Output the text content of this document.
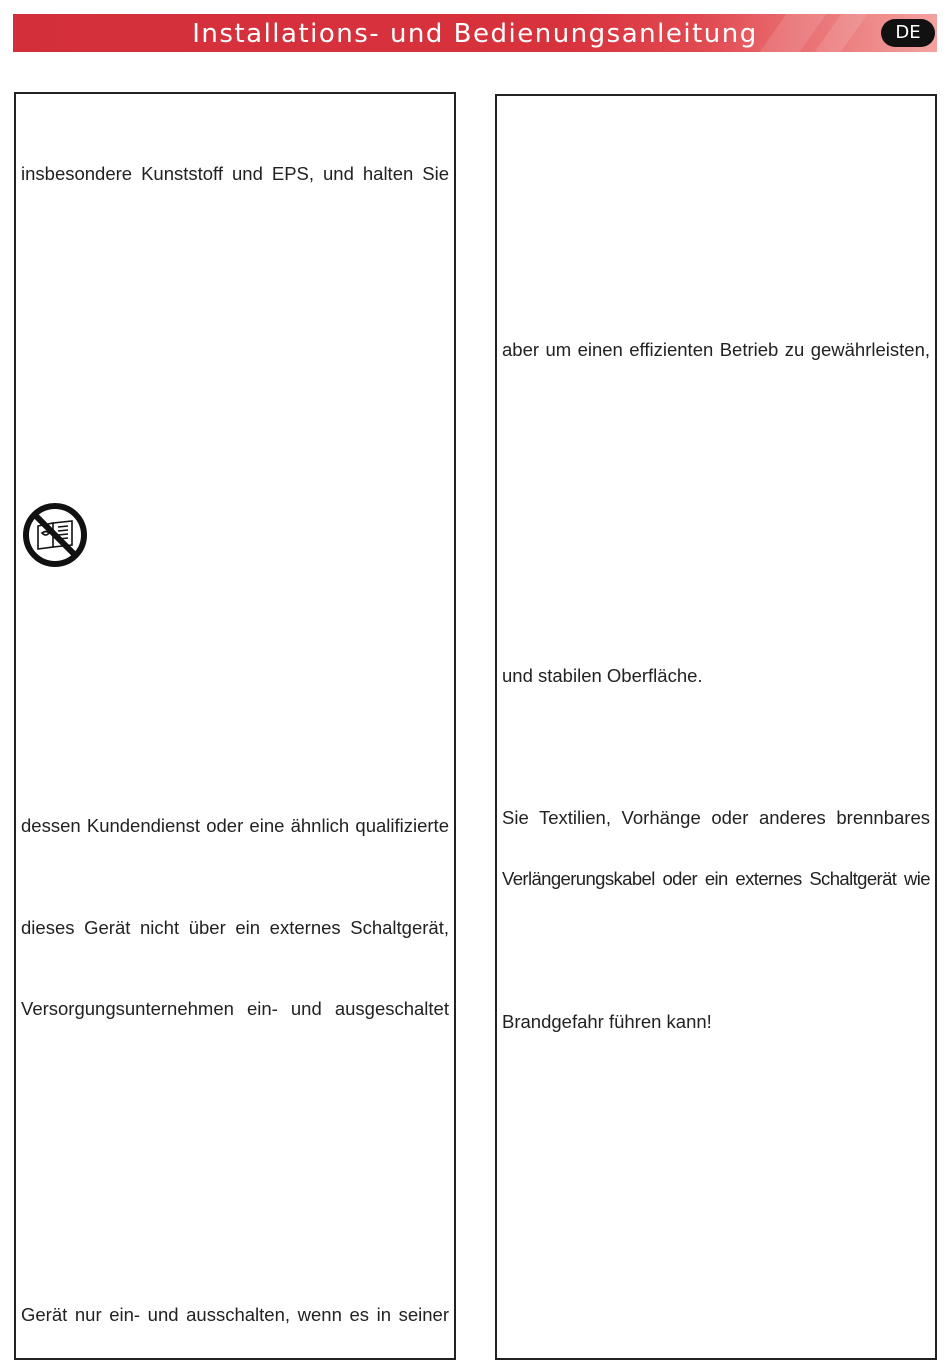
Installations- und Bedienungsanleitung	DE
insbesondere Kunststoff und EPS, und halten Sie
dessen Kundendienst oder eine ähnlich qualifizierte
dieses Gerät nicht über ein externes Schaltgerät,
Versorgungsunternehmen ein- und ausgeschaltet
Gerät nur ein- und ausschalten, wenn es in seiner
aber um einen effizienten Betrieb zu gewährleisten,
und stabilen Oberfläche.
Sie Textilien, Vorhänge oder anderes brennbares
Verlängerungskabel oder ein externes Schaltgerät wie
Brandgefahr führen kann!
